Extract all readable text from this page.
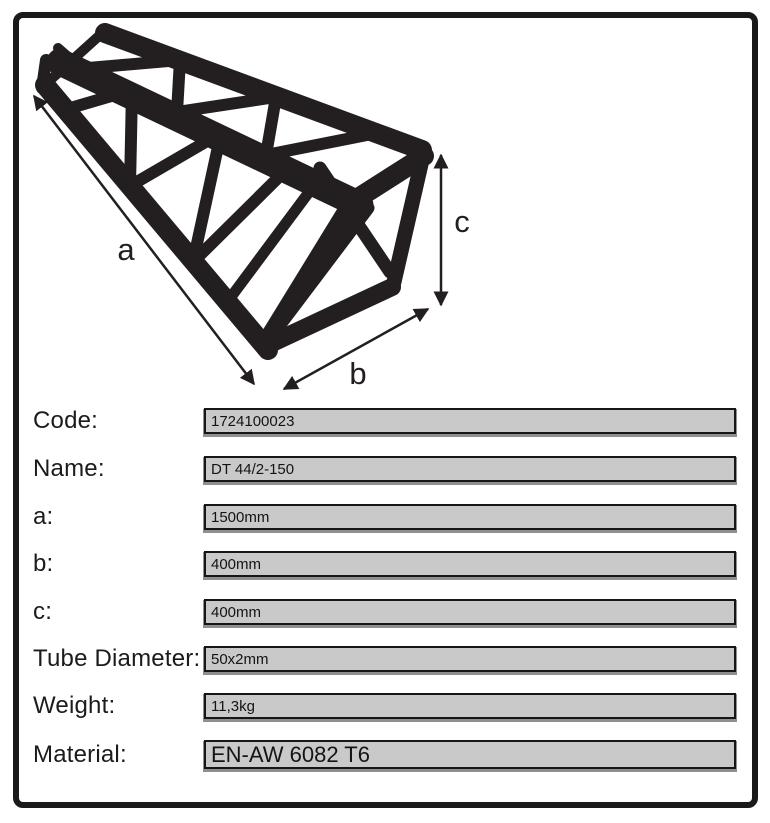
a
b
c
Code:	1724100023
Name:	DT 44/2-150
a:	1500mm
b:	400mm
c:	400mm
Tube Diameter: 50x2mm
Weight:	11,3kg
Material:	EN-AW 6082 T6
